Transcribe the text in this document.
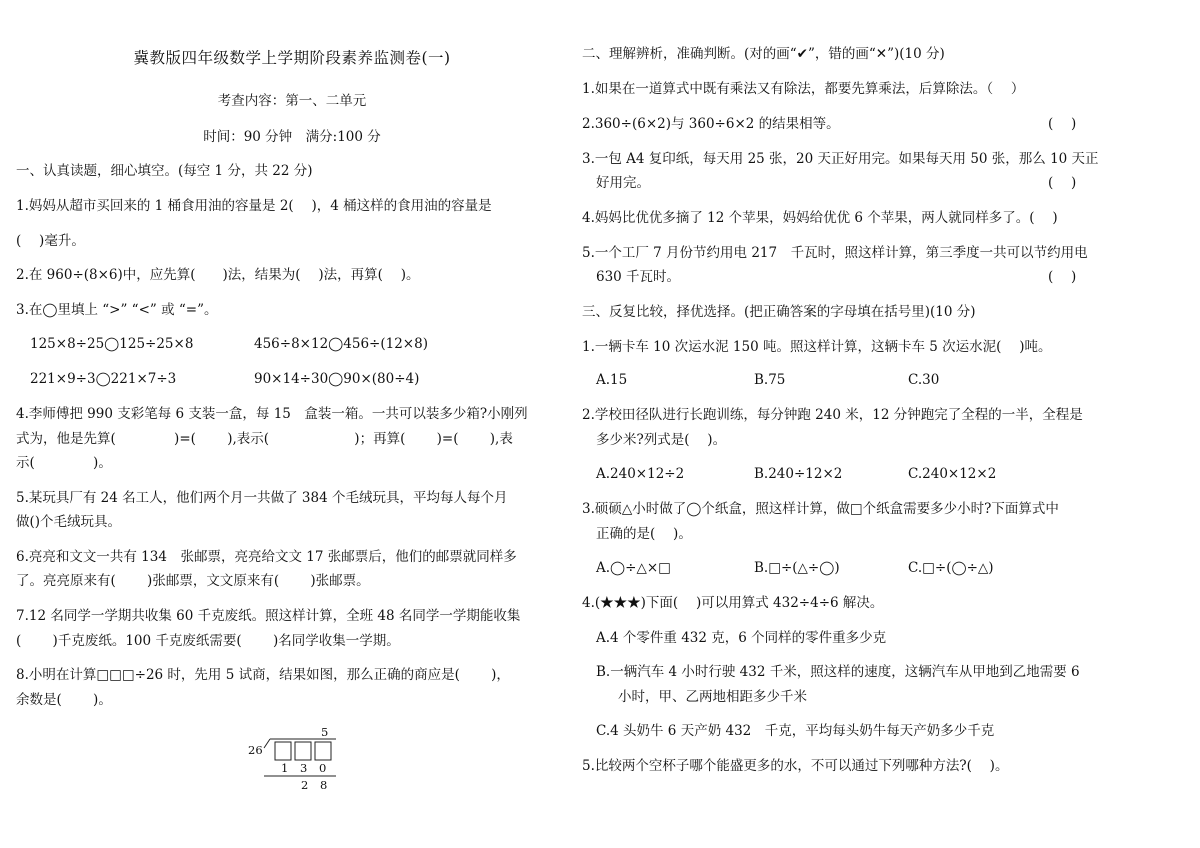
冀教版四年级数学上学期阶段素养监测卷(一)
考查内容：第一、二单元
时间：90 分钟　满分:100 分
一、认真读题，细心填空。(每空 1 分，共 22 分)
1.妈妈从超市买回来的 1 桶食用油的容量是 2(　 )，4 桶这样的食用油的容量是
(　 )毫升。
2.在 960÷(8×6)中，应先算(　　)法，结果为(　 )法，再算(　 )。
3.在◯里填上 “>” “<” 或 “=”。
125×8÷25◯125÷25×8	456÷8×12◯456÷(12×8)
221×9÷3◯221×7÷3	90×14÷30◯90×(80÷4)
4.李师傅把 990 支彩笔每 6 支装一盒，每 15　盒装一箱。一共可以装多少箱?小刚列
式为，他是先算(　　　　 )=(　　 ),表示(　　　　　　 )；再算(　　 )=(　　 ),表
示(　　　　 )。
5.某玩具厂有 24 名工人，他们两个月一共做了 384 个毛绒玩具，平均每人每个月
做()个毛绒玩具。
6.亮亮和文文一共有 134　张邮票，亮亮给文文 17 张邮票后，他们的邮票就同样多
了。亮亮原来有(　　 )张邮票，文文原来有(　　 )张邮票。
7.12 名同学一学期共收集 60 千克废纸。照这样计算，全班 48 名同学一学期能收集
(　　 )千克废纸。100 千克废纸需要(　　 )名同学收集一学期。
8.小明在计算□□□÷26 时，先用 5 试商，结果如图，那么正确的商应是(　　 )，
余数是(　　 )。
5
26
1 3 0
2 8
二、理解辨析，准确判断。(对的画“✔”，错的画“✕”)(10 分)
1.如果在一道算式中既有乘法又有除法，都要先算乘法，后算除法。（　 ）
2.360÷(6×2)与 360÷6×2 的结果相等。	(　 )
3.一包 A4 复印纸，每天用 25 张，20 天正好用完。如果每天用 50 张，那么 10 天正
好用完。	(　 )
4.妈妈比优优多摘了 12 个苹果，妈妈给优优 6 个苹果，两人就同样多了。(　 )
5.一个工厂 7 月份节约用电 217　千瓦时，照这样计算，第三季度一共可以节约用电
630 千瓦时。	(　 )
三、反复比较，择优选择。(把正确答案的字母填在括号里)(10 分)
1.一辆卡车 10 次运水泥 150 吨。照这样计算，这辆卡车 5 次运水泥(　 )吨。
A.15	B.75	C.30
2.学校田径队进行长跑训练，每分钟跑 240 米，12 分钟跑完了全程的一半，全程是
多少米?列式是(　 )。
A.240×12÷2	B.240÷12×2	C.240×12×2
3.硕硕△小时做了◯个纸盒，照这样计算，做□个纸盒需要多少小时?下面算式中
正确的是(　 )。
A.◯÷△×□	B.□÷(△÷◯)	C.□÷(◯÷△)
4.(★★★)下面(　 )可以用算式 432÷4÷6 解决。
A.4 个零件重 432 克，6 个同样的零件重多少克
B.一辆汽车 4 小时行驶 432 千米，照这样的速度，这辆汽车从甲地到乙地需要 6
小时，甲、乙两地相距多少千米
C.4 头奶牛 6 天产奶 432　千克，平均每头奶牛每天产奶多少千克
5.比较两个空杯子哪个能盛更多的水，不可以通过下列哪种方法?(　 )。
